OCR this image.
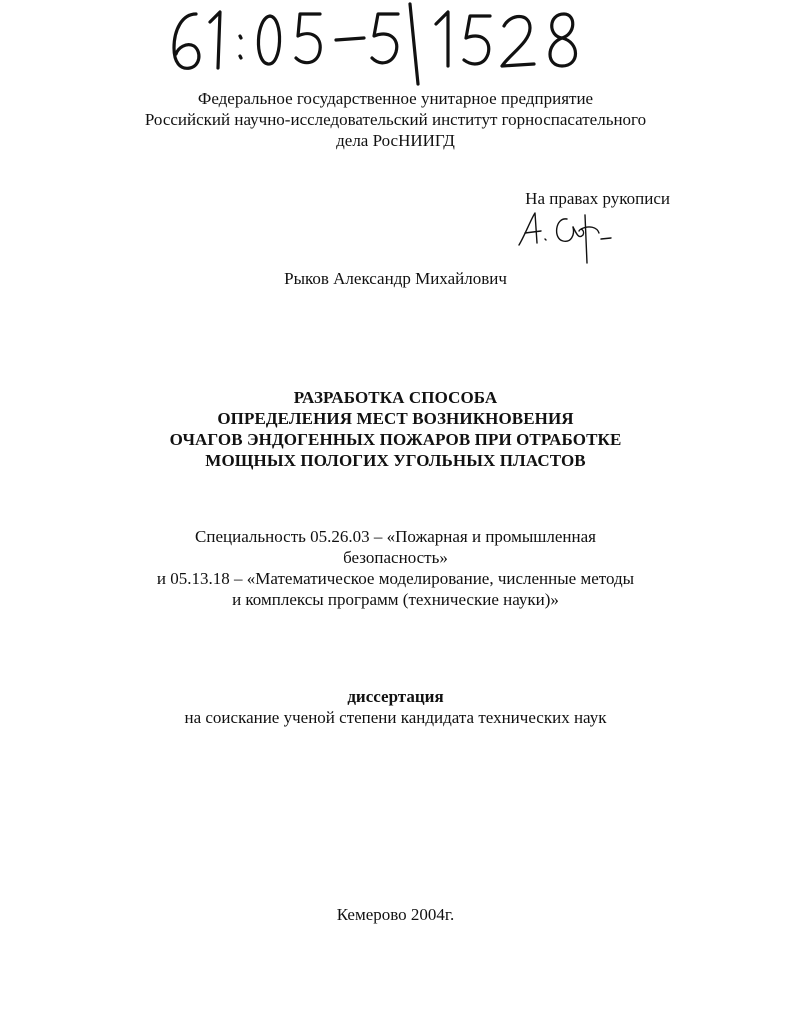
Федеральное государственное унитарное предприятие
Российский научно-исследовательский институт горноспасательного
дела РосНИИГД
На правах рукописи
Рыков Александр Михайлович
РАЗРАБОТКА СПОСОБА
ОПРЕДЕЛЕНИЯ МЕСТ ВОЗНИКНОВЕНИЯ
ОЧАГОВ ЭНДОГЕННЫХ ПОЖАРОВ ПРИ ОТРАБОТКЕ
МОЩНЫХ ПОЛОГИХ УГОЛЬНЫХ ПЛАСТОВ
Специальность 05.26.03 – «Пожарная и промышленная
безопасность»
и 05.13.18 – «Математическое моделирование, численные методы
и комплексы программ (технические науки)»
диссертация
на соискание ученой степени кандидата технических наук
Кемерово 2004г.
